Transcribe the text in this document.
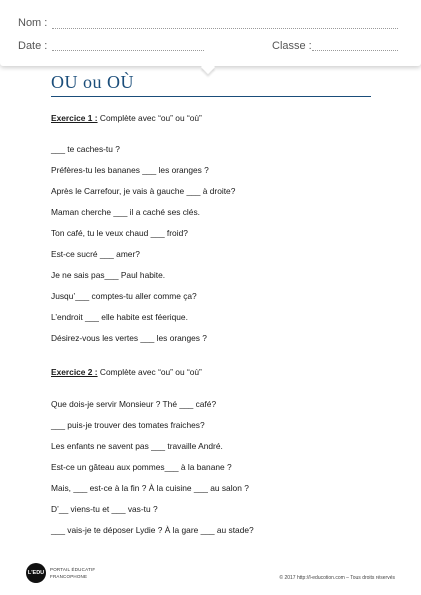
Nom :
Date :	Classe :
OU ou OÙ
Exercice 1 : Complète avec “ou” ou “où”
___ te caches-tu ?
Préfères-tu les bananes ___ les oranges ?
Après le Carrefour, je vais à gauche ___ à droite?
Maman cherche ___ il a caché ses clés.
Ton café, tu le veux chaud ___ froid?
Est-ce sucré ___ amer?
Je ne sais pas___ Paul habite.
Jusqu’___ comptes-tu aller comme ça?
L’endroit ___ elle habite est féerique.
Désirez-vous les vertes ___ les oranges ?
Exercice 2 : Complète avec “ou” ou “où”
Que dois-je servir Monsieur ? Thé ___ café?
___ puis-je trouver des tomates fraiches?
Les enfants ne savent pas ___ travaille André.
Est-ce un gâteau aux pommes___ à la banane ?
Mais, ___ est-ce à la fin ? À la cuisine ___ au salon ?
D’__ viens-tu et ___ vas-tu ?
___ vais-je te déposer Lydie ? À la gare ___ au stade?
L'EDU
PORTAIL ÉDUCATIF
FRANCOPHONE	© 2017 http://l-educotion.com – Tous droits réservés
